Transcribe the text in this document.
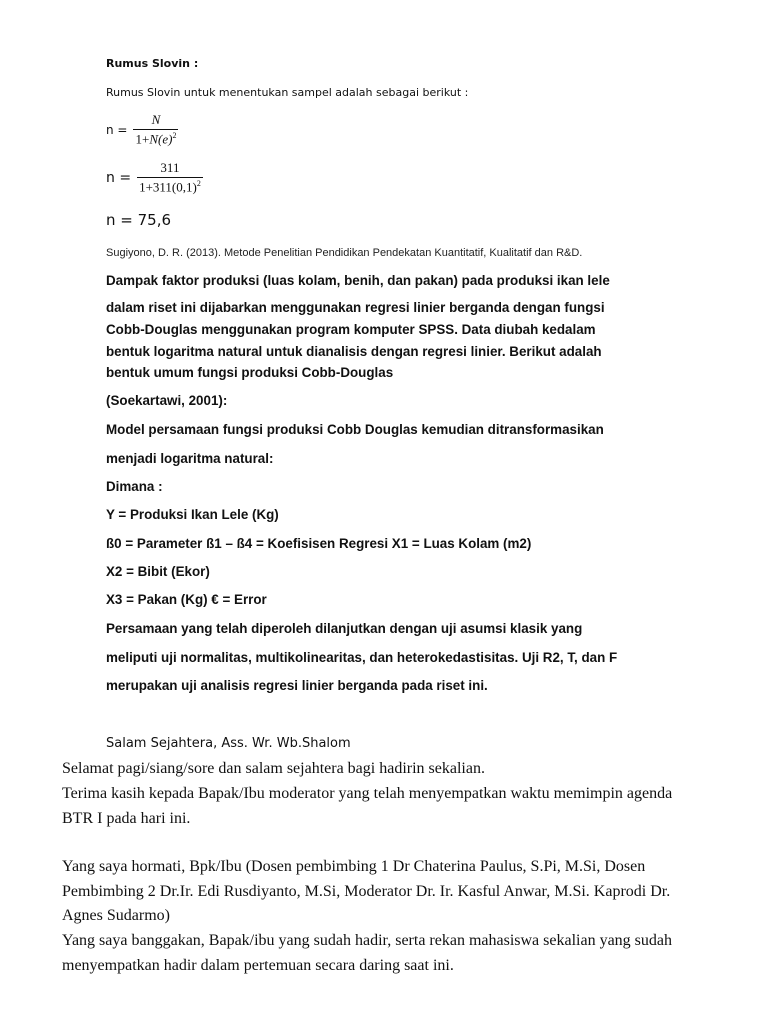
Rumus Slovin :
Rumus Slovin untuk menentukan sampel adalah sebagai berikut :
$n = \frac{N}{1+N(e)^2}$
$n = \frac{311}{1+311(0,1)^2}$
n = 75,6
Sugiyono, D. R. (2013). Metode Penelitian Pendidikan Pendekatan Kuantitatif, Kualitatif dan R&D.
Dampak faktor produksi (luas kolam, benih, dan pakan) pada produksi ikan lele
dalam riset ini dijabarkan menggunakan regresi linier berganda dengan fungsi
Cobb-Douglas menggunakan program komputer SPSS. Data diubah kedalam
bentuk logaritma natural untuk dianalisis dengan regresi linier. Berikut adalah
bentuk umum fungsi produksi Cobb-Douglas
(Soekartawi, 2001):
Model persamaan fungsi produksi Cobb Douglas kemudian ditransformasikan
menjadi logaritma natural:
Dimana :
Y = Produksi Ikan Lele (Kg)
ß0 = Parameter ß1 – ß4 = Koefisisen Regresi X1 = Luas Kolam (m2)
X2 = Bibit (Ekor)
X3 = Pakan (Kg) € = Error
Persamaan yang telah diperoleh dilanjutkan dengan uji asumsi klasik yang
meliputi uji normalitas, multikolinearitas, dan heterokedastisitas. Uji R2, T, dan F
merupakan uji analisis regresi linier berganda pada riset ini.
Salam Sejahtera, Ass. Wr. Wb.Shalom
Selamat pagi/siang/sore dan salam sejahtera bagi hadirin sekalian.
Terima kasih kepada Bapak/Ibu moderator yang telah menyempatkan waktu memimpin agenda
BTR I pada hari ini.
Yang saya hormati, Bpk/Ibu (Dosen pembimbing 1 Dr Chaterina Paulus, S.Pi, M.Si, Dosen
Pembimbing 2 Dr.Ir. Edi Rusdiyanto, M.Si, Moderator Dr. Ir. Kasful Anwar, M.Si. Kaprodi Dr.
Agnes Sudarmo)
Yang saya banggakan, Bapak/ibu yang sudah hadir, serta rekan mahasiswa sekalian yang sudah
menyempatkan hadir dalam pertemuan secara daring saat ini.
